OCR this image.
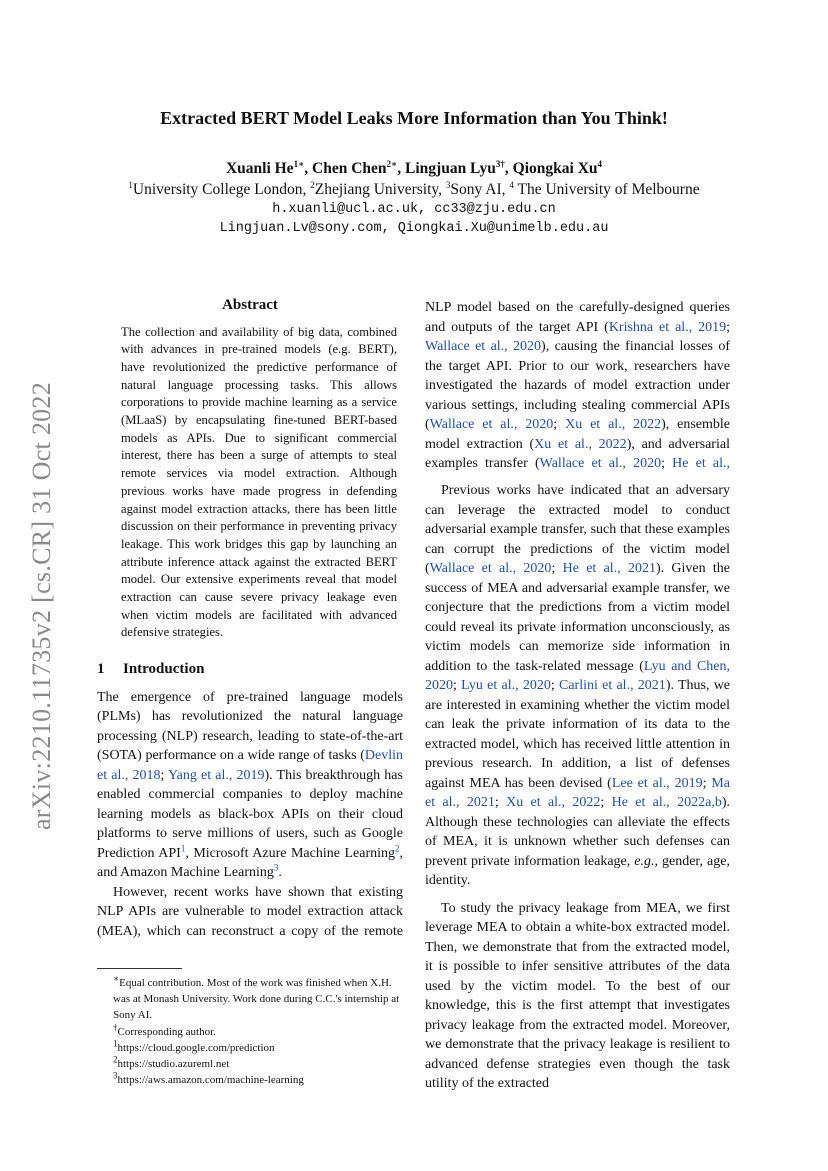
arXiv:2210.11735v2 [cs.CR] 31 Oct 2022
Extracted BERT Model Leaks More Information than You Think!
Xuanli $He^{1∗}$, Chen Chen$^{2∗}$, Lingjuan Lyu$^{3\dagger}$, Qiongkai Xu$^4$
$^1$University College London, $^2$Zhejiang University, $^3$Sony AI, $^4$ The University of Melbourne
h.xuanli@ucl.ac.uk, cc33@zju.edu.cn
Lingjuan.Lv@sony.com, Qiongkai.Xu@unimelb.edu.au
Abstract

The collection and availability of big data, combined with advances in pre-trained models (e.g. BERT), have revolutionized the predictive performance of natural language processing tasks. This allows corporations to provide machine learning as a service (MLaaS) by encapsulating fine-tuned BERT-based models as APIs. Due to significant commercial interest, there has been a surge of attempts to steal remote services via model extraction. Although previous works have made progress in defending against model extraction attacks, there has been little discussion on their performance in preventing privacy leakage. This work bridges this gap by launching an attribute inference attack against the extracted BERT model. Our extensive experiments reveal that model extraction can cause severe privacy leakage even when victim models are facilitated with advanced defensive strategies.

1 Introduction

The emergence of pre-trained language models (PLMs) has revolutionized the natural language processing (NLP) research, leading to state-of-the-art (SOTA) performance on a wide range of tasks (Devlin et al., 2018; Yang et al., 2019). This breakthrough has enabled commercial companies to deploy machine learning models as black-box APIs on their cloud platforms to serve millions of users, such as Google Prediction API$^1$, Microsoft Azure Machine Learning$^2$, and Amazon Machine Learning$^3$.

However, recent works have shown that existing NLP APIs are vulnerable to model extraction attack (MEA), which can reconstruct a copy of the remote

∗Equal contribution. Most of the work was finished when X.H. was at Monash University. Work done during C.C.'s internship at Sony AI.

†Corresponding author.

$^1$https://cloud.google.com/prediction

$^2$https://studio.azureml.net

$^3$https://aws.amazon.com/machine-learning

NLP model based on the carefully-designed queries and outputs of the target API (Krishna et al., 2019; Wallace et al., 2020), causing the financial losses of the target API. Prior to our work, researchers have investigated the hazards of model extraction under various settings, including stealing commercial APIs (Wallace et al., 2020; Xu et al., 2022), ensemble model extraction (Xu et al., 2022), and adversarial examples transfer (Wallace et al., 2020; He et al.,

Previous works have indicated that an adversary can leverage the extracted model to conduct adversarial example transfer, such that these examples can corrupt the predictions of the victim model (Wallace et al., 2020; He et al., 2021). Given the success of MEA and adversarial example transfer, we conjecture that the predictions from a victim model could reveal its private information unconsciously, as victim models can memorize side information in addition to the task-related message (Lyu and Chen, 2020; Lyu et al., 2020; Carlini et al., 2021). Thus, we are interested in examining whether the victim model can leak the private information of its data to the extracted model, which has received little attention in previous research. In addition, a list of defenses against MEA has been devised (Lee et al., 2019; Ma et al., 2021; Xu et al., 2022; He et al., 2022a,b). Although these technologies can alleviate the effects of MEA, it is unknown whether such defenses can prevent private information leakage, e.g., gender, age, identity.

To study the privacy leakage from MEA, we first leverage MEA to obtain a white-box extracted model. Then, we demonstrate that from the extracted model, it is possible to infer sensitive attributes of the data used by the victim model. To the best of our knowledge, this is the first attempt that investigates privacy leakage from the extracted model. Moreover, we demonstrate that the privacy leakage is resilient to advanced defense strategies even though the task utility of the extracted
